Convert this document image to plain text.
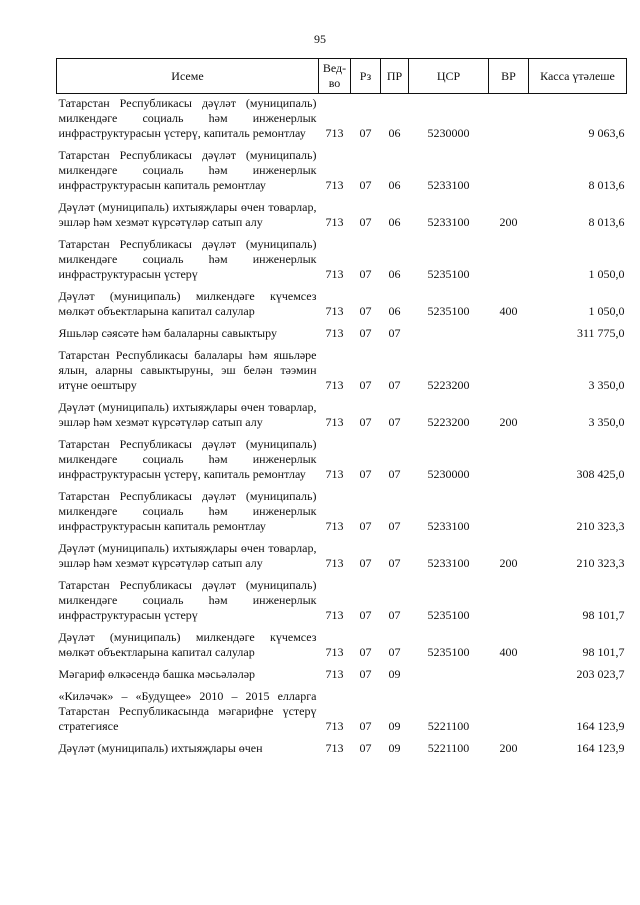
95
Исеме	Вед-во	Рз	ПР	ЦСР	ВР	Касса үтәлеше
Татарстан Республикасы дәүләт (муниципаль) милкендәге социаль һәм инженерлык инфраструктурасын үстерү, капиталь ремонтлау	713	07	06	5230000		9 063,6
Татарстан Республикасы дәүләт (муниципаль) милкендәге социаль һәм инженерлык инфраструктурасын капиталь ремонтлау	713	07	06	5233100		8 013,6
Дәүләт (муниципаль) ихтыяҗлары өчен товарлар, эшләр һәм хезмәт күрсәтүләр сатып алу	713	07	06	5233100	200	8 013,6
Татарстан Республикасы дәүләт (муниципаль) милкендәге социаль һәм инженерлык инфраструктурасын үстерү	713	07	06	5235100		1 050,0
Дәүләт (муниципаль) милкендәге күчемсез мөлкәт объектларына капитал салулар	713	07	06	5235100	400	1 050,0
Яшьләр сәясәте һәм балаларны савыктыру	713	07	07			311 775,0
Татарстан Республикасы балалары һәм яшьләре ялын, аларны савыктыруны, эш белән тәэмин итүне оештыру	713	07	07	5223200		3 350,0
Дәүләт (муниципаль) ихтыяҗлары өчен товарлар, эшләр һәм хезмәт күрсәтүләр сатып алу	713	07	07	5223200	200	3 350,0
Татарстан Республикасы дәүләт (муниципаль) милкендәге социаль һәм инженерлык инфраструктурасын үстерү, капиталь ремонтлау	713	07	07	5230000		308 425,0
Татарстан Республикасы дәүләт (муниципаль) милкендәге социаль һәм инженерлык инфраструктурасын капиталь ремонтлау	713	07	07	5233100		210 323,3
Дәүләт (муниципаль) ихтыяҗлары өчен товарлар, эшләр һәм хезмәт күрсәтүләр сатып алу	713	07	07	5233100	200	210 323,3
Татарстан Республикасы дәүләт (муниципаль) милкендәге социаль һәм инженерлык инфраструктурасын үстерү	713	07	07	5235100		98 101,7
Дәүләт (муниципаль) милкендәге күчемсез мөлкәт объектларына капитал салулар	713	07	07	5235100	400	98 101,7
Мәгариф өлкәсендә башка мәсьәләләр	713	07	09			203 023,7
«Киләчәк» – «Будущее» 2010 – 2015 елларга Татарстан Республикасында мәгарифне үстерү стратегиясе	713	07	09	5221100		164 123,9
Дәүләт (муниципаль) ихтыяҗлары өчен	713	07	09	5221100	200	164 123,9
